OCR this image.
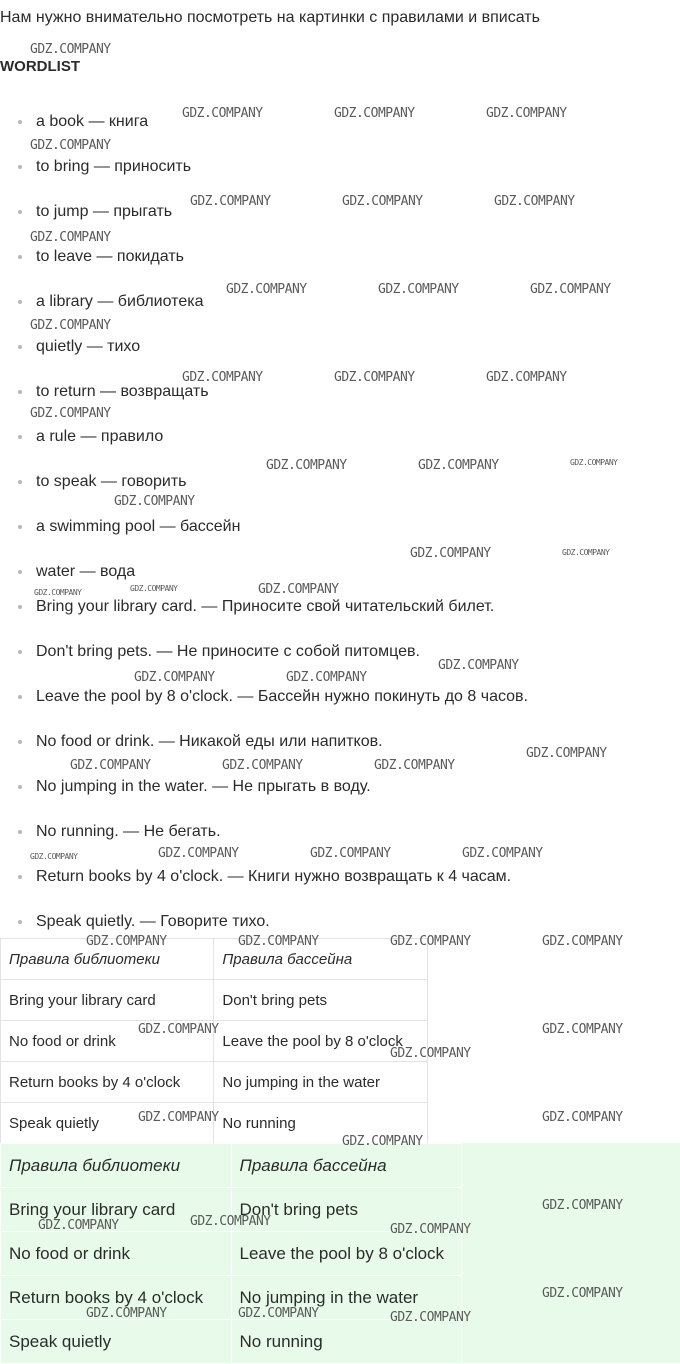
Нам нужно внимательно посмотреть на картинки с правилами и вписать
WORDLIST
a book — книга
to bring — приносить
to jump — прыгать
to leave — покидать
a library — библиотека
quietly — тихо
to return — возвращать
a rule — правило
to speak — говорить
a swimming pool — бассейн
water — вода
Bring your library card. — Приносите свой читательский билет.
Don't bring pets. — Не приносите с собой питомцев.
Leave the pool by 8 o'clock. — Бассейн нужно покинуть до 8 часов.
No food or drink. — Никакой еды или напитков.
No jumping in the water. — Не прыгать в воду.
No running. — Не бегать.
Return books by 4 o'clock. — Книги нужно возвращать к 4 часам.
Speak quietly. — Говорите тихо.
Правила библиотеки	Правила бассейна
Bring your library card	Don't bring pets
No food or drink	Leave the pool by 8 o'clock
Return books by 4 o'clock	No jumping in the water
Speak quietly	No running
Правила библиотеки	Правила бассейна
Bring your library card	Don't bring pets
No food or drink	Leave the pool by 8 o'clock
Return books by 4 o'clock	No jumping in the water
Speak quietly	No running
GDZ.COMPANY
GDZ.COMPANY	GDZ.COMPANY	GDZ.COMPANY
GDZ.COMPANY
GDZ.COMPANY	GDZ.COMPANY	GDZ.COMPANY
GDZ.COMPANY
GDZ.COMPANY	GDZ.COMPANY	GDZ.COMPANY
GDZ.COMPANY
GDZ.COMPANY	GDZ.COMPANY	GDZ.COMPANY
GDZ.COMPANY
GDZ.COMPANY	GDZ.COMPANY
GDZ.COMPANY
GDZ.COMPANY
GDZ.COMPANY
GDZ.COMPANY
GDZ.COMPANY	GDZ.COMPANY
GDZ.COMPANY
GDZ.COMPANY	GDZ.COMPANY	GDZ.COMPANY
GDZ.COMPANY	GDZ.COMPANY	GDZ.COMPANY
GDZ.COMPANY	GDZ.COMPANY	GDZ.COMPANY	GDZ.COMPANY
GDZ.COMPANY	GDZ.COMPANY
GDZ.COMPANY
GDZ.COMPANY	GDZ.COMPANY
GDZ.COMPANY
GDZ.COMPANY
GDZ.COMPANY	GDZ.COMPANY
GDZ.COMPANY
GDZ.COMPANY
GDZ.COMPANY	GDZ.COMPANY	GDZ.COMPANY
GDZ.COMPANY
GDZ.COMPANY
GDZ.COMPANY	GDZ.COMPANY
GDZ.COMPANY
